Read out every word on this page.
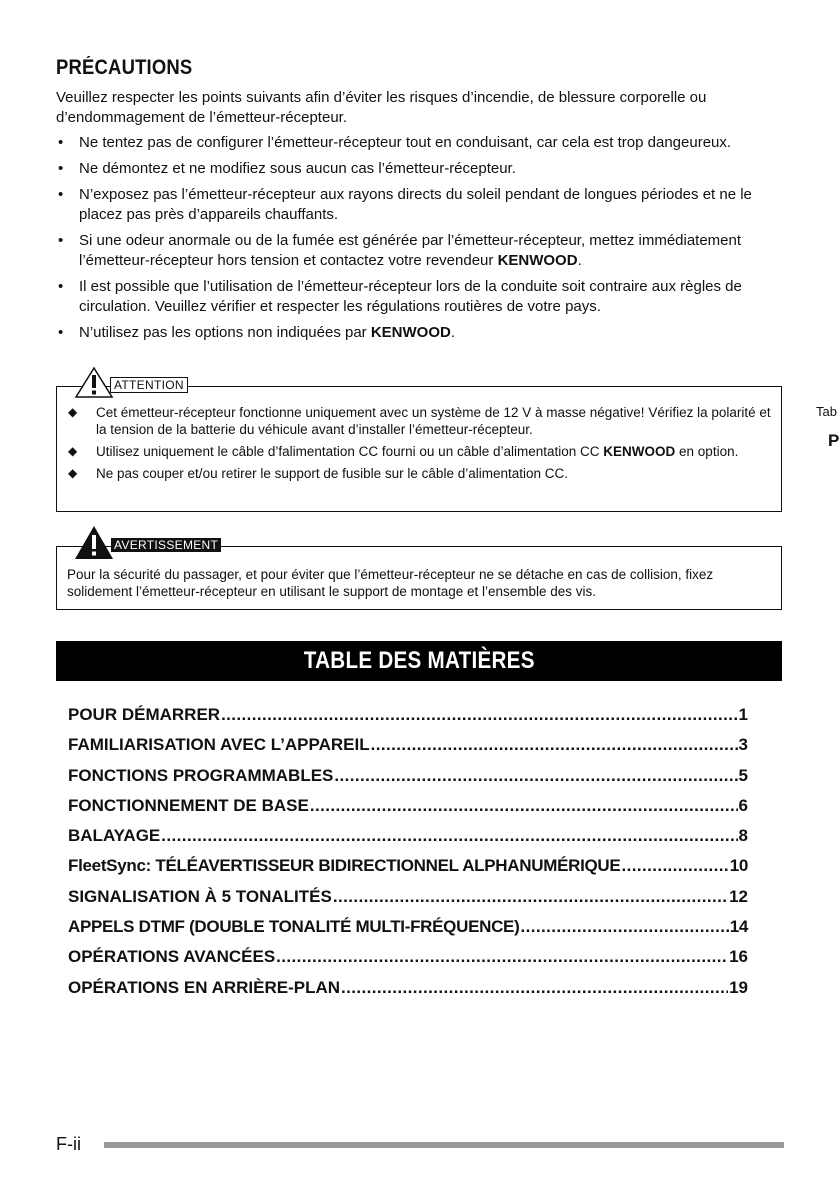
PRÉCAUTIONS

Veuillez respecter les points suivants afin d’éviter les risques d’incendie, de blessure corporelle ou d’endommagement de l’émetteur-récepteur.

• Ne tentez pas de configurer l’émetteur-récepteur tout en conduisant, car cela est trop dangeureux.
• Ne démontez et ne modifiez sous aucun cas l’émetteur-récepteur.
• N’exposez pas l’émetteur-récepteur aux rayons directs du soleil pendant de longues périodes et ne le placez pas près d’appareils chauffants.
• Si une odeur anormale ou de la fumée est générée par l’émetteur-récepteur, mettez immédiatement l’émetteur-récepteur hors tension et contactez votre revendeur KENWOOD.
• Il est possible que l’utilisation de l’émetteur-récepteur lors de la conduite soit contraire aux règles de circulation. Veuillez vérifier et respecter les régulations routières de votre pays.
• N’utilisez pas les options non indiquées par KENWOOD.
ATTENTION
◆ Cet émetteur-récepteur fonctionne uniquement avec un système de 12 V à masse négative! Vérifiez la polarité et la tension de la batterie du véhicule avant d’installer l’émetteur-récepteur.
◆ Utilisez uniquement le câble d’falimentation CC fourni ou un câble d’alimentation CC KENWOOD en option.
◆ Ne pas couper et/ou retirer le support de fusible sur le câble d’alimentation CC.
AVERTISSEMENT

Pour la sécurité du passager, et pour éviter que l’émetteur-récepteur ne se détache en cas de collision, fixez solidement l’émetteur-récepteur en utilisant le support de montage et l’ensemble des vis.

TABLE DES MATIÈRES
POUR DÉMARRER .....	1
FAMILIARISATION AVEC L’APPAREIL .....	3
FONCTIONS PROGRAMMABLES .....	5
FONCTIONNEMENT DE BASE .....	6
BALAYAGE .....	8
FleetSync: TÉLÉAVERTISSEUR BIDIRECTIONNEL ALPHANUMÉRIQUE .....	10
SIGNALISATION À 5 TONALITÉS .....	12
APPELS DTMF (DOUBLE TONALITÉ MULTI-FRÉQUENCE) .....	14
OPÉRATIONS AVANCÉES .....	16
OPÉRATIONS EN ARRIÈRE-PLAN .....	19
Tab
P
F-ii
